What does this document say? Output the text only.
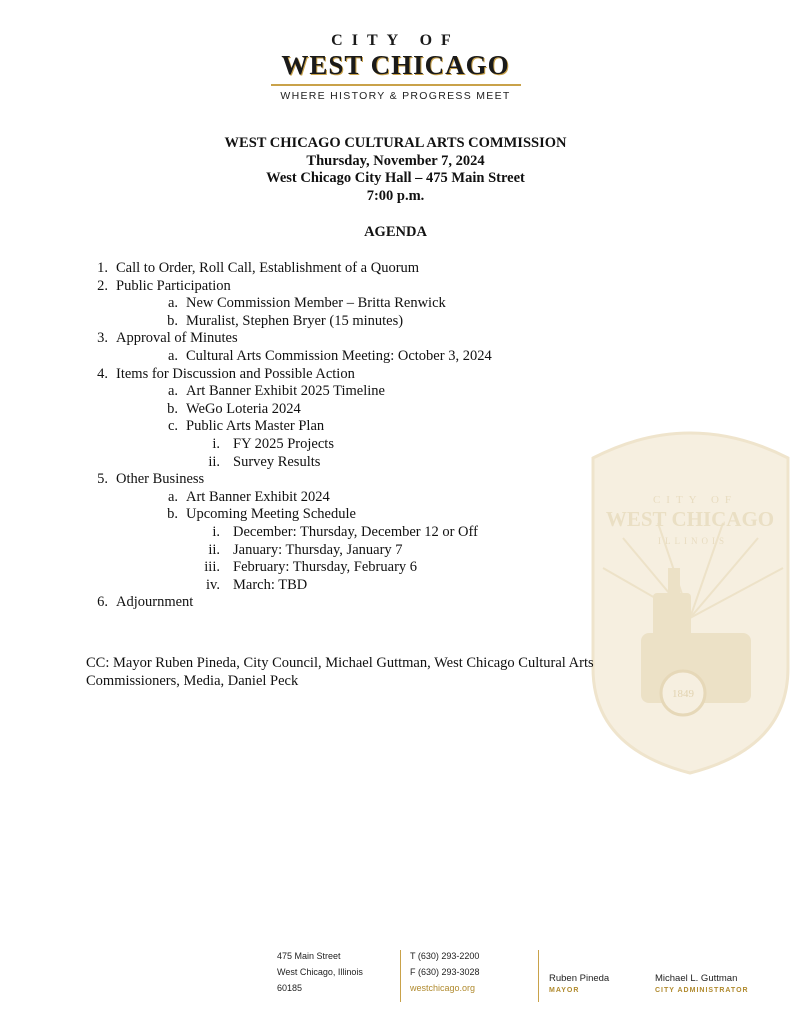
CITY OF
WEST CHICAGO
WHERE HISTORY & PROGRESS MEET
CITY OF
WEST CHICAGO
ILLINOIS
1849
WEST CHICAGO CULTURAL ARTS COMMISSION
Thursday, November 7, 2024
West Chicago City Hall – 475 Main Street
7:00 p.m.
AGENDA
1. Call to Order, Roll Call, Establishment of a Quorum
2. Public Participation
a. New Commission Member – Britta Renwick
b. Muralist, Stephen Bryer (15 minutes)
3. Approval of Minutes
a. Cultural Arts Commission Meeting: October 3, 2024
4. Items for Discussion and Possible Action
a. Art Banner Exhibit 2025 Timeline
b. WeGo Loteria 2024
c. Public Arts Master Plan
i. FY 2025 Projects
ii. Survey Results
5. Other Business
a. Art Banner Exhibit 2024
b. Upcoming Meeting Schedule
i. December: Thursday, December 12 or Off
ii. January: Thursday, January 7
iii. February: Thursday, February 6
iv. March: TBD
6. Adjournment
CC: Mayor Ruben Pineda, City Council, Michael Guttman, West Chicago Cultural Arts
Commissioners, Media, Daniel Peck
475 Main Street
West Chicago, Illinois
60185
T (630) 293-2200
F (630) 293-3028
westchicago.org
Ruben Pineda
MAYOR
Michael L. Guttman
CITY ADMINISTRATOR
